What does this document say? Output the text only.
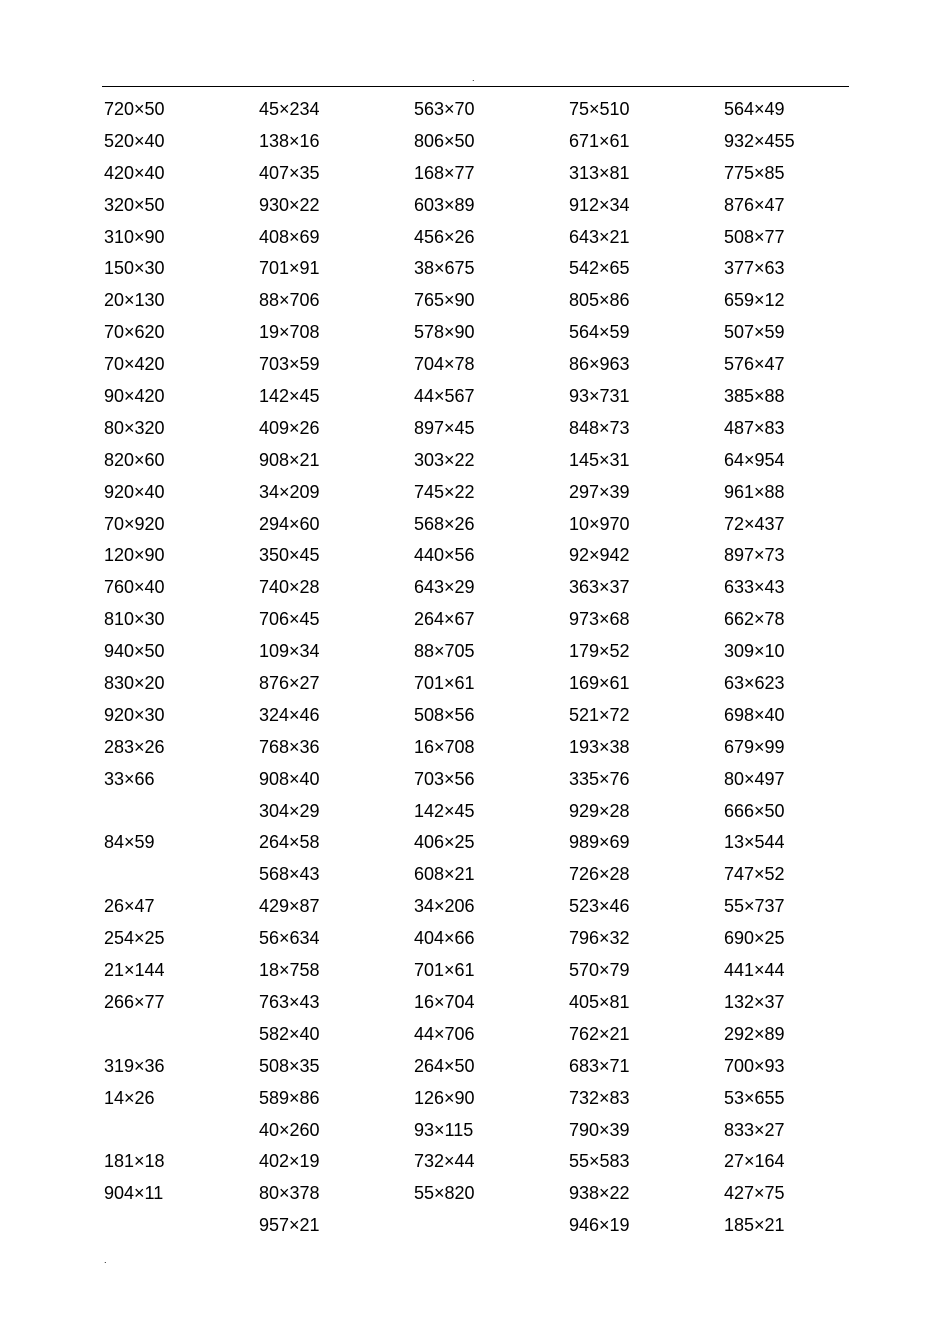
.
720×50
520×40
420×40
320×50
310×90
150×30
20×130
70×620
70×420
90×420
80×320
820×60
920×40
70×920
120×90
760×40
810×30
940×50
830×20
920×30
283×26
33×66
84×59
26×47
254×25
21×144
266×77
319×36
14×26
181×18
904×11
45×234
138×16
407×35
930×22
408×69
701×91
88×706
19×708
703×59
142×45
409×26
908×21
34×209
294×60
350×45
740×28
706×45
109×34
876×27
324×46
768×36
908×40
304×29
264×58
568×43
429×87
56×634
18×758
763×43
582×40
508×35
589×86
40×260
402×19
80×378
957×21
563×70
806×50
168×77
603×89
456×26
38×675
765×90
578×90
704×78
44×567
897×45
303×22
745×22
568×26
440×56
643×29
264×67
88×705
701×61
508×56
16×708
703×56
142×45
406×25
608×21
34×206
404×66
701×61
16×704
44×706
264×50
126×90
93×115
732×44
55×820
75×510
671×61
313×81
912×34
643×21
542×65
805×86
564×59
86×963
93×731
848×73
145×31
297×39
10×970
92×942
363×37
973×68
179×52
169×61
521×72
193×38
335×76
929×28
989×69
726×28
523×46
796×32
570×79
405×81
762×21
683×71
732×83
790×39
55×583
938×22
946×19
564×49
932×455
775×85
876×47
508×77
377×63
659×12
507×59
576×47
385×88
487×83
64×954
961×88
72×437
897×73
633×43
662×78
309×10
63×623
698×40
679×99
80×497
666×50
13×544
747×52
55×737
690×25
441×44
132×37
292×89
700×93
53×655
833×27
27×164
427×75
185×21
.
